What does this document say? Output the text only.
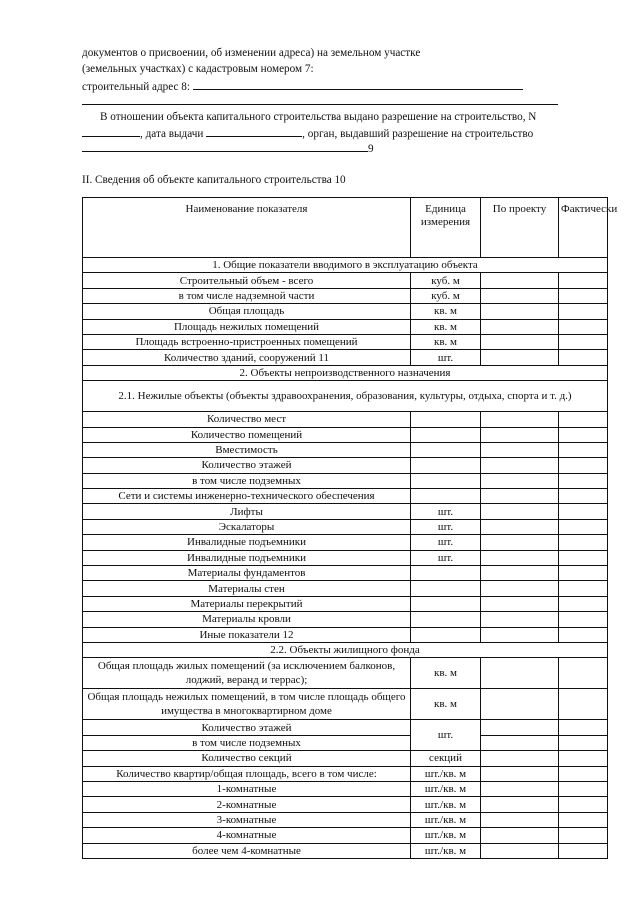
документов о присвоении, об изменении адреса) на земельном участке
(земельных участках) с кадастровым номером 7:
строительный адрес 8:
В отношении объекта капитального строительства выдано разрешение на строительство, N
, дата выдачи	, орган, выдавший разрешение на строительство
9
II. Сведения об объекте капитального строительства 10
Наименование показателя	Единица измерения	По проекту	Фактически
1. Общие показатели вводимого в эксплуатацию объекта			
Строительный объем - всего	куб. м		
в том числе надземной части	куб. м		
Общая площадь	кв. м		
Площадь нежилых помещений	кв. м		
Площадь встроенно-пристроенных помещений	кв. м		
Количество зданий, сооружений 11	шт.		
2. Объекты непроизводственного назначения			
2.1. Нежилые объекты (объекты здравоохранения, образования, культуры, отдыха, спорта и т. д.)			
Количество мест			
Количество помещений			
Вместимость			
Количество этажей			
в том числе подземных			
Сети и системы инженерно-технического обеспечения			
Лифты	шт.		
Эскалаторы	шт.		
Инвалидные подъемники	шт.		
Инвалидные подъемники	шт.		
Материалы фундаментов			
Материалы стен			
Материалы перекрытий			
Материалы кровли			
Иные показатели 12			
2.2. Объекты жилищного фонда			
Общая площадь жилых помещений (за исключением балконов, лоджий, веранд и террас);	кв. м		
Общая площадь нежилых помещений, в том числе площадь общего имущества в многоквартирном доме	кв. м		
Количество этажей	шт.		
в том числе подземных			
Количество секций	секций		
Количество квартир/общая площадь, всего в том числе:	шт./кв. м		
1-комнатные	шт./кв. м		
2-комнатные	шт./кв. м		
3-комнатные	шт./кв. м		
4-комнатные	шт./кв. м		
более чем 4-комнатные	шт./кв. м		
